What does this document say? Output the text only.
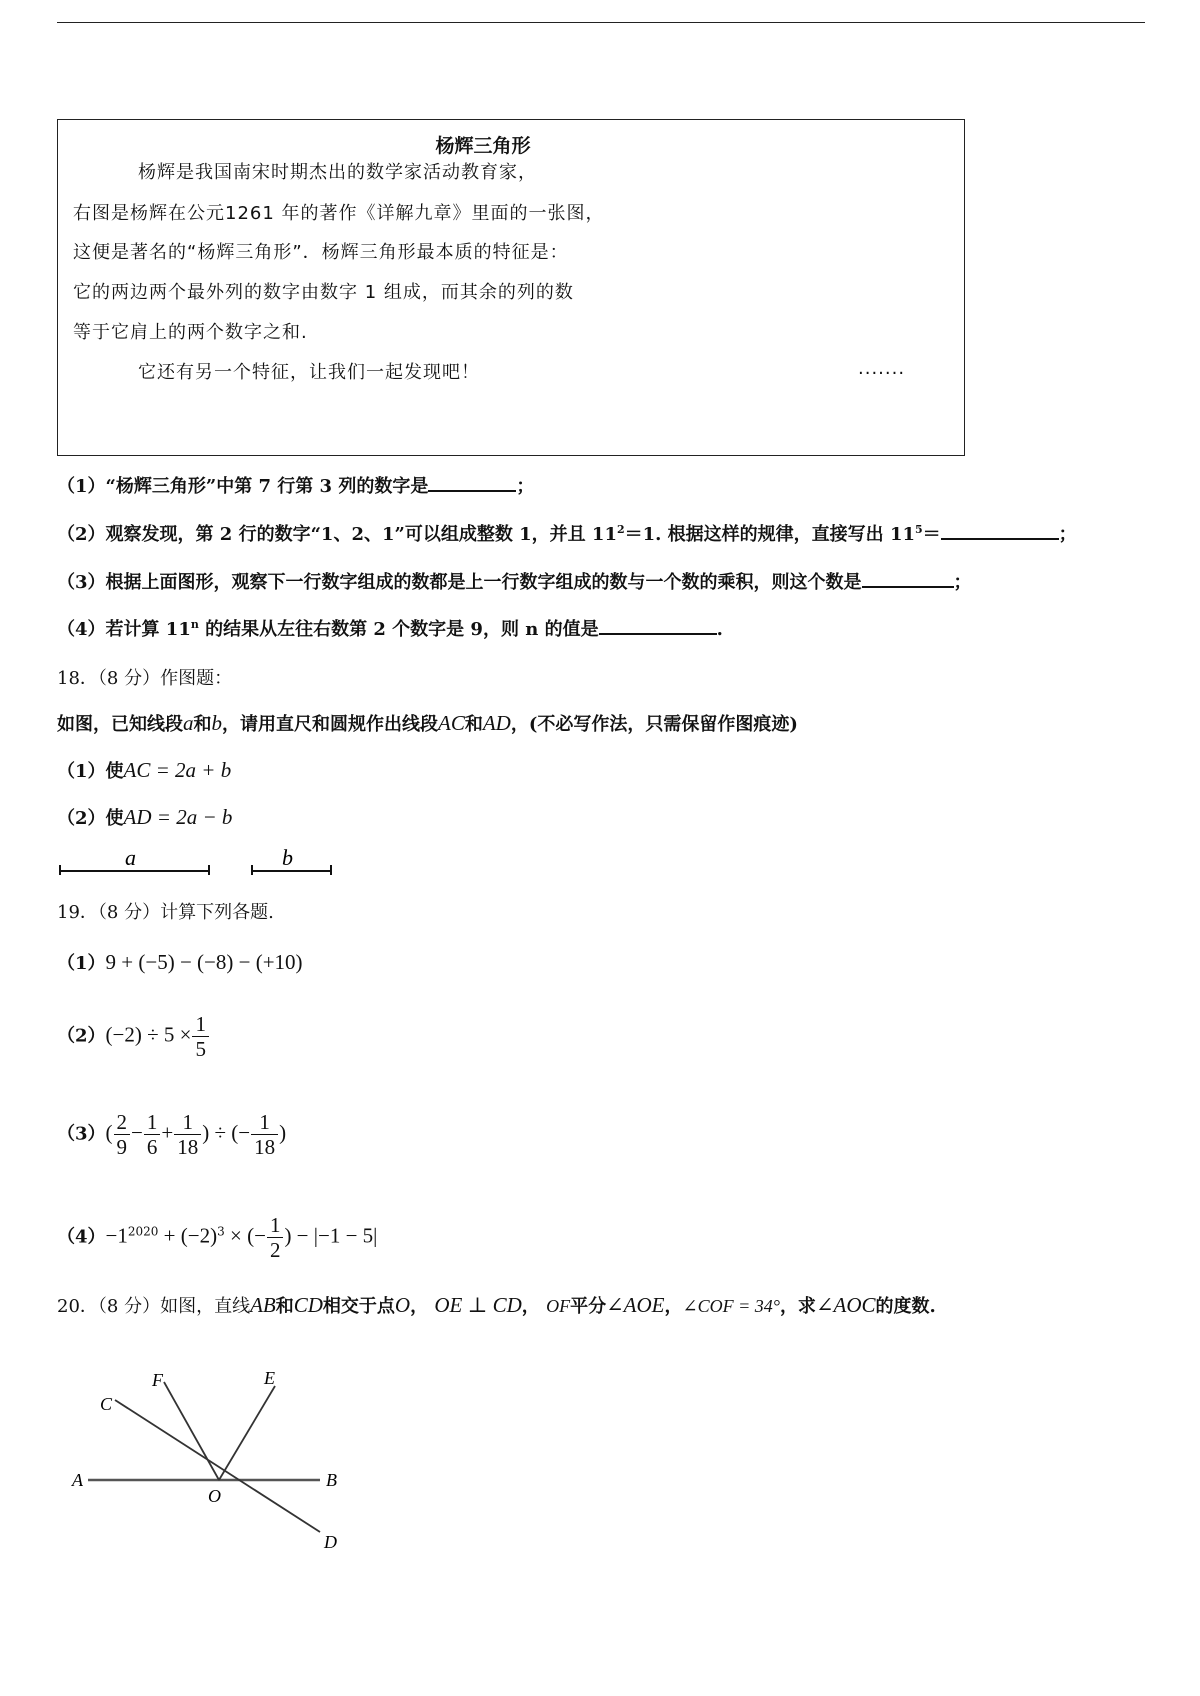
杨辉三角形
杨辉是我国南宋时期杰出的数学家活动教育家，
右图是杨辉在公元1261 年的著作《详解九章》里面的一张图，
这便是著名的“杨辉三角形”．杨辉三角形最本质的特征是：
它的两边两个最外列的数字由数字 1 组成，而其余的列的数
等于它肩上的两个数字之和.
它还有另一个特征，让我们一起发现吧！	.......
（1）“杨辉三角形”中第 7 行第 3 列的数字是	；
（2）观察发现，第 2 行的数字“1、2、1”可以组成整数 1，并且 $11^2=1$. 根据这样的规律，直接写出 $11^5=$	；
（3）根据上面图形，观察下一行数字组成的数都是上一行数字组成的数与一个数的乘积，则这个数是	；
（4）若计算 11$^n$ 的结果从左往右数第 2 个数字是 9，则 n 的值是	.
18．（8 分）作图题：
如图，已知线段a和b，请用直尺和圆规作出线段AC和AD，(不必写作法，只需保留作图痕迹)
（1）使AC = 2a + b
（2）使AD = 2a − b
a	b
19．（8 分）计算下列各题.
（1）9 + (−5) − (−8) − (+10)
$(2)(-2) \div 5 \times \frac{1}{5}$
$(3)( \frac{2}{9} - \frac{1}{6} + \frac{1}{18}$ ) ÷ (− $\frac{1}{18}$ )
$(4)-1^{2020} + (-2)^3$ × (− $\frac{1}{2}$ ) − |−1 − 5|
20．（8 分）如图，直线AB和CD相交于点O， OE ⊥ CD， OF平分∠AOE，∠COF = 34°，求∠AOC的度数.
A	B
C
D
E
F
O
